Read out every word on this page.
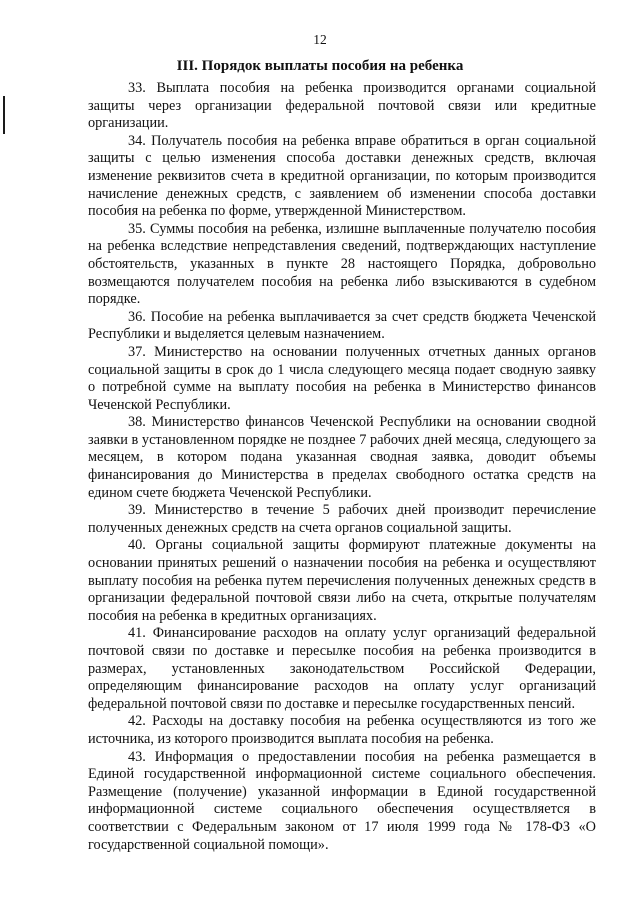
12
III. Порядок выплаты пособия на ребенка

33. Выплата пособия на ребенка производится органами социальной защиты через организации федеральной почтовой связи или кредитные организации.

34. Получатель пособия на ребенка вправе обратиться в орган социальной защиты с целью изменения способа доставки денежных средств, включая изменение реквизитов счета в кредитной организации, по которым производится начисление денежных средств, с заявлением об изменении способа доставки пособия на ребенка по форме, утвержденной Министерством.

35. Суммы пособия на ребенка, излишне выплаченные получателю пособия на ребенка вследствие непредставления сведений, подтверждающих наступление обстоятельств, указанных в пункте 28 настоящего Порядка, добровольно возмещаются получателем пособия на ребенка либо взыскиваются в судебном порядке.

36. Пособие на ребенка выплачивается за счет средств бюджета Чеченской Республики и выделяется целевым назначением.

37. Министерство на основании полученных отчетных данных органов социальной защиты в срок до 1 числа следующего месяца подает сводную заявку о потребной сумме на выплату пособия на ребенка в Министерство финансов Чеченской Республики.

38. Министерство финансов Чеченской Республики на основании сводной заявки в установленном порядке не позднее 7 рабочих дней месяца, следующего за месяцем, в котором подана указанная сводная заявка, доводит объемы финансирования до Министерства в пределах свободного остатка средств на едином счете бюджета Чеченской Республики.

39. Министерство в течение 5 рабочих дней производит перечисление полученных денежных средств на счета органов социальной защиты.

40. Органы социальной защиты формируют платежные документы на основании принятых решений о назначении пособия на ребенка и осуществляют выплату пособия на ребенка путем перечисления полученных денежных средств в организации федеральной почтовой связи либо на счета, открытые получателям пособия на ребенка в кредитных организациях.

41. Финансирование расходов на оплату услуг организаций федеральной почтовой связи по доставке и пересылке пособия на ребенка производится в размерах, установленных законодательством Российской Федерации, определяющим финансирование расходов на оплату услуг организаций федеральной почтовой связи по доставке и пересылке государственных пенсий.

42. Расходы на доставку пособия на ребенка осуществляются из того же источника, из которого производится выплата пособия на ребенка.

43. Информация о предоставлении пособия на ребенка размещается в Единой государственной информационной системе социального обеспечения. Размещение (получение) указанной информации в Единой государственной информационной системе социального обеспечения осуществляется в соответствии с Федеральным законом от 17 июля 1999 года № 178-ФЗ «О государственной социальной помощи».
